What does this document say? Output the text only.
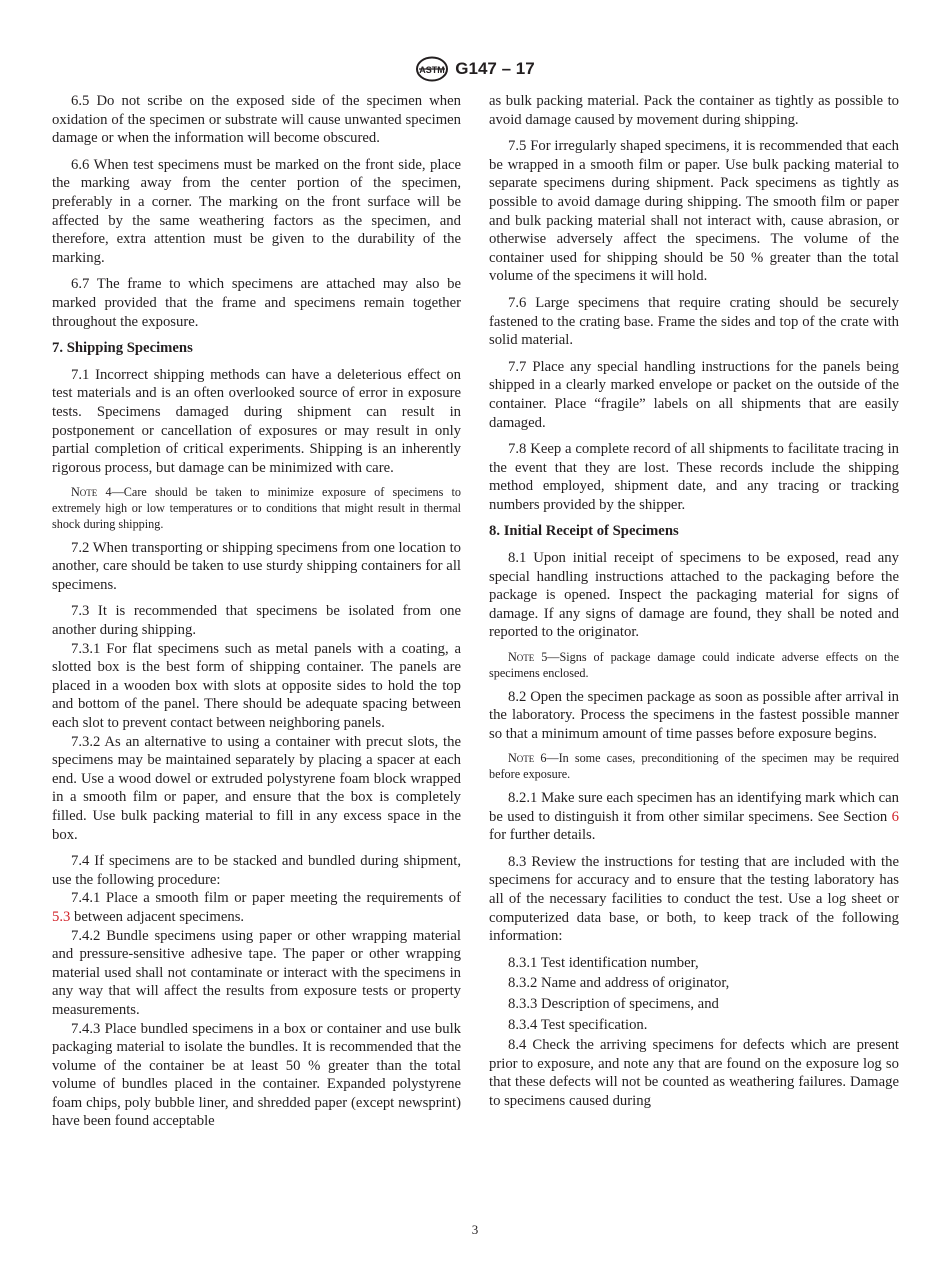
ASTM G147 – 17

6.5 Do not scribe on the exposed side of the specimen when oxidation of the specimen or substrate will cause unwanted specimen damage or when the information will become obscured.

6.6 When test specimens must be marked on the front side, place the marking away from the center portion of the specimen, preferably in a corner. The marking on the front surface will be affected by the same weathering factors as the specimen, and therefore, extra attention must be given to the durability of the marking.

6.7 The frame to which specimens are attached may also be marked provided that the frame and specimens remain together throughout the exposure.

7. Shipping Specimens

7.1 Incorrect shipping methods can have a deleterious effect on test materials and is an often overlooked source of error in exposure tests. Specimens damaged during shipment can result in postponement or cancellation of exposures or may result in only partial completion of critical experiments. Shipping is an inherently rigorous process, but damage can be minimized with care.

Note 4—Care should be taken to minimize exposure of specimens to extremely high or low temperatures or to conditions that might result in thermal shock during shipping.

7.2 When transporting or shipping specimens from one location to another, care should be taken to use sturdy shipping containers for all specimens.

7.3 It is recommended that specimens be isolated from one another during shipping.

7.3.1 For flat specimens such as metal panels with a coating, a slotted box is the best form of shipping container. The panels are placed in a wooden box with slots at opposite sides to hold the top and bottom of the panel. There should be adequate spacing between each slot to prevent contact between neighboring panels.

7.3.2 As an alternative to using a container with precut slots, the specimens may be maintained separately by placing a spacer at each end. Use a wood dowel or extruded polystyrene foam block wrapped in a smooth film or paper, and ensure that the box is completely filled. Use bulk packing material to fill in any excess space in the box.

7.4 If specimens are to be stacked and bundled during shipment, use the following procedure:

7.4.1 Place a smooth film or paper meeting the requirements of 5.3 between adjacent specimens.

7.4.2 Bundle specimens using paper or other wrapping material and pressure-sensitive adhesive tape. The paper or other wrapping material used shall not contaminate or interact with the specimens in any way that will affect the results from exposure tests or property measurements.

7.4.3 Place bundled specimens in a box or container and use bulk packaging material to isolate the bundles. It is recommended that the volume of the container be at least 50 % greater than the total volume of bundles placed in the container. Expanded polystyrene foam chips, poly bubble liner, and shredded paper (except newsprint) have been found acceptable

as bulk packing material. Pack the container as tightly as possible to avoid damage caused by movement during shipping.

7.5 For irregularly shaped specimens, it is recommended that each be wrapped in a smooth film or paper. Use bulk packing material to separate specimens during shipment. Pack specimens as tightly as possible to avoid damage during shipping. The smooth film or paper and bulk packing material shall not interact with, cause abrasion, or otherwise adversely affect the specimens. The volume of the container used for shipping should be 50 % greater than the total volume of the specimens it will hold.

7.6 Large specimens that require crating should be securely fastened to the crating base. Frame the sides and top of the crate with solid material.

7.7 Place any special handling instructions for the panels being shipped in a clearly marked envelope or packet on the outside of the container. Place “fragile” labels on all shipments that are easily damaged.

7.8 Keep a complete record of all shipments to facilitate tracing in the event that they are lost. These records include the shipping method employed, shipment date, and any tracing or tracking numbers provided by the shipper.

8. Initial Receipt of Specimens

8.1 Upon initial receipt of specimens to be exposed, read any special handling instructions attached to the packaging before the package is opened. Inspect the packaging material for signs of damage. If any signs of damage are found, they shall be noted and reported to the originator.

Note 5—Signs of package damage could indicate adverse effects on the specimens enclosed.

8.2 Open the specimen package as soon as possible after arrival in the laboratory. Process the specimens in the fastest possible manner so that a minimum amount of time passes before exposure begins.

Note 6—In some cases, preconditioning of the specimen may be required before exposure.

8.2.1 Make sure each specimen has an identifying mark which can be used to distinguish it from other similar specimens. See Section 6 for further details.

8.3 Review the instructions for testing that are included with the specimens for accuracy and to ensure that the testing laboratory has all of the necessary facilities to conduct the test. Use a log sheet or computerized data base, or both, to keep track of the following information:

8.3.1 Test identification number,

8.3.2 Name and address of originator,

8.3.3 Description of specimens, and

8.3.4 Test specification.

8.4 Check the arriving specimens for defects which are present prior to exposure, and note any that are found on the exposure log so that these defects will not be counted as weathering failures. Damage to specimens caused during

3
